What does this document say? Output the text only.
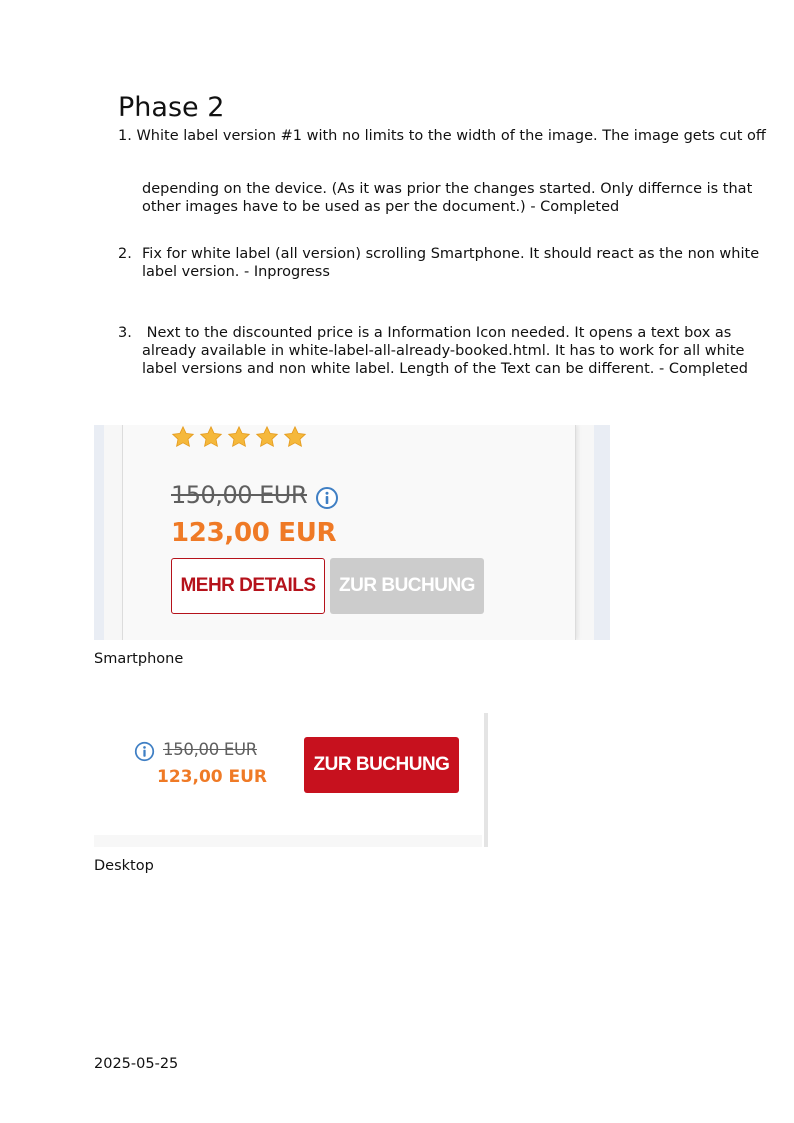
Phase 2

1. White label version #1 with no limits to the width of the image. The image gets cut off

depending on the device. (As it was prior the changes started. Only differnce is that other images have to be used as per the document.) - Completed

2. Fix for white label (all version) scrolling Smartphone. It should react as the non white label version. - Inprogress

3. Next to the discounted price is a Information Icon needed. It opens a text box as already available in white-label-all-already-booked.html. It has to work for all white label versions and non white label. Length of the Text can be different. - Completed

150,00 EUR
123,00 EUR
MEHR DETAILS	ZUR BUCHUNG
Smartphone
150,00 EUR
123,00 EUR
ZUR BUCHUNG
Desktop
2025-05-25
